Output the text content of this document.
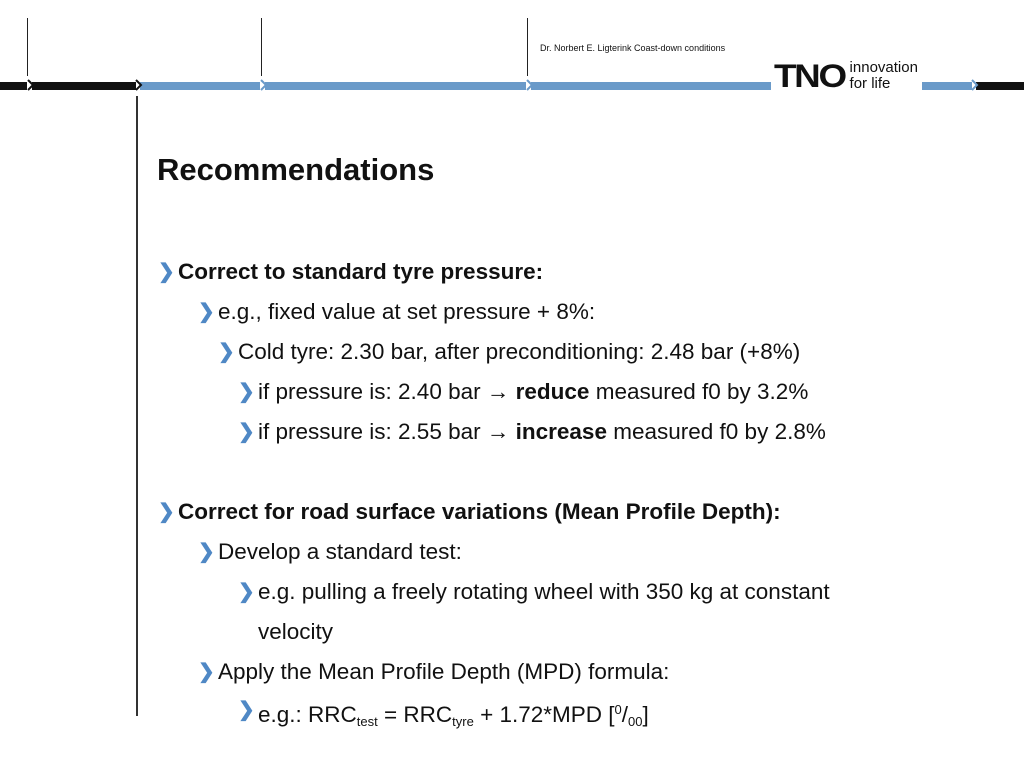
Dr. Norbert E. Ligterink Coast-down conditions
TNO innovation
for life
Recommendations
❯ Correct to standard tyre pressure:
❯ e.g., fixed value at set pressure + 8%:
❯ Cold tyre: 2.30 bar, after preconditioning: 2.48 bar (+8%)
❯ if pressure is: 2.40 bar → reduce measured f0 by 3.2%
❯ if pressure is: 2.55 bar → increase measured f0 by 2.8%
❯ Correct for road surface variations (Mean Profile Depth):
❯ Develop a standard test:
❯ e.g. pulling a freely rotating wheel with 350 kg at constant
velocity
❯ Apply the Mean Profile Depth (MPD) formula:
❯ e.g.: $RRC_{test} = RRC_{tyre} + 1.72*MPD$ $[^0/_{00}]$
